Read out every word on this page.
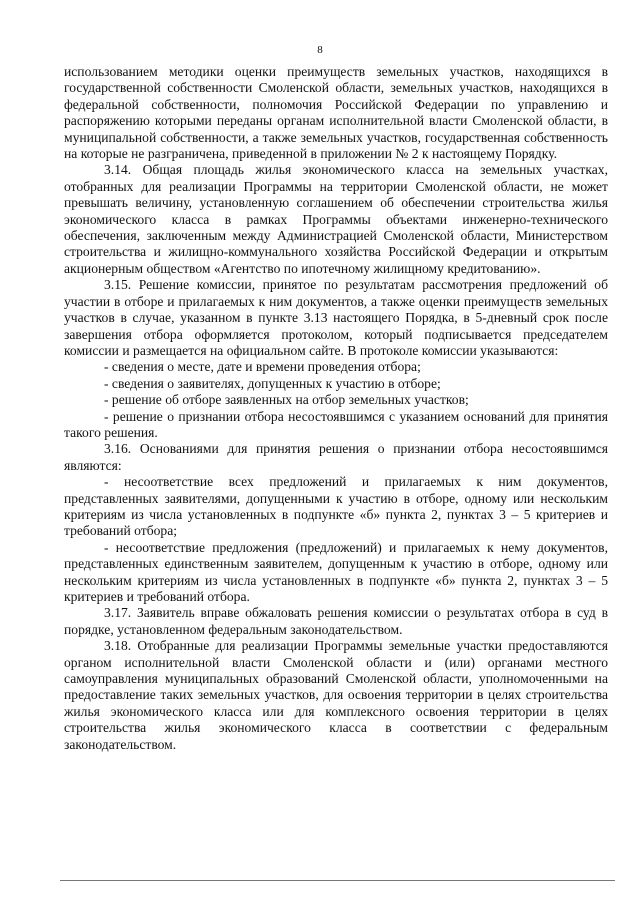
8

использованием методики оценки преимуществ земельных участков, находящихся в государственной собственности Смоленской области, земельных участков, находящихся в федеральной собственности, полномочия Российской Федерации по управлению и распоряжению которыми переданы органам исполнительной власти Смоленской области, в муниципальной собственности, а также земельных участков, государственная собственность на которые не разграничена, приведенной в приложении № 2 к настоящему Порядку.

3.14. Общая площадь жилья экономического класса на земельных участках, отобранных для реализации Программы на территории Смоленской области, не может превышать величину, установленную соглашением об обеспечении строительства жилья экономического класса в рамках Программы объектами инженерно-технического обеспечения, заключенным между Администрацией Смоленской области, Министерством строительства и жилищно-коммунального хозяйства Российской Федерации и открытым акционерным обществом «Агентство по ипотечному жилищному кредитованию».

3.15. Решение комиссии, принятое по результатам рассмотрения предложений об участии в отборе и прилагаемых к ним документов, а также оценки преимуществ земельных участков в случае, указанном в пункте 3.13 настоящего Порядка, в 5-дневный срок после завершения отбора оформляется протоколом, который подписывается председателем комиссии и размещается на официальном сайте. В протоколе комиссии указываются:

- сведения о месте, дате и времени проведения отбора;

- сведения о заявителях, допущенных к участию в отборе;

- решение об отборе заявленных на отбор земельных участков;

- решение о признании отбора несостоявшимся с указанием оснований для принятия такого решения.

3.16. Основаниями для принятия решения о признании отбора несостоявшимся являются:

- несоответствие всех предложений и прилагаемых к ним документов, представленных заявителями, допущенными к участию в отборе, одному или нескольким критериям из числа установленных в подпункте «б» пункта 2, пунктах 3 – 5 критериев и требований отбора;

- несоответствие предложения (предложений) и прилагаемых к нему документов, представленных единственным заявителем, допущенным к участию в отборе, одному или нескольким критериям из числа установленных в подпункте «б» пункта 2, пунктах 3 – 5 критериев и требований отбора.

3.17. Заявитель вправе обжаловать решения комиссии о результатах отбора в суд в порядке, установленном федеральным законодательством.

3.18. Отобранные для реализации Программы земельные участки предоставляются органом исполнительной власти Смоленской области и (или) органами местного самоуправления муниципальных образований Смоленской области, уполномоченными на предоставление таких земельных участков, для освоения территории в целях строительства жилья экономического класса или для комплексного освоения территории в целях строительства жилья экономического класса в соответствии с федеральным законодательством.
